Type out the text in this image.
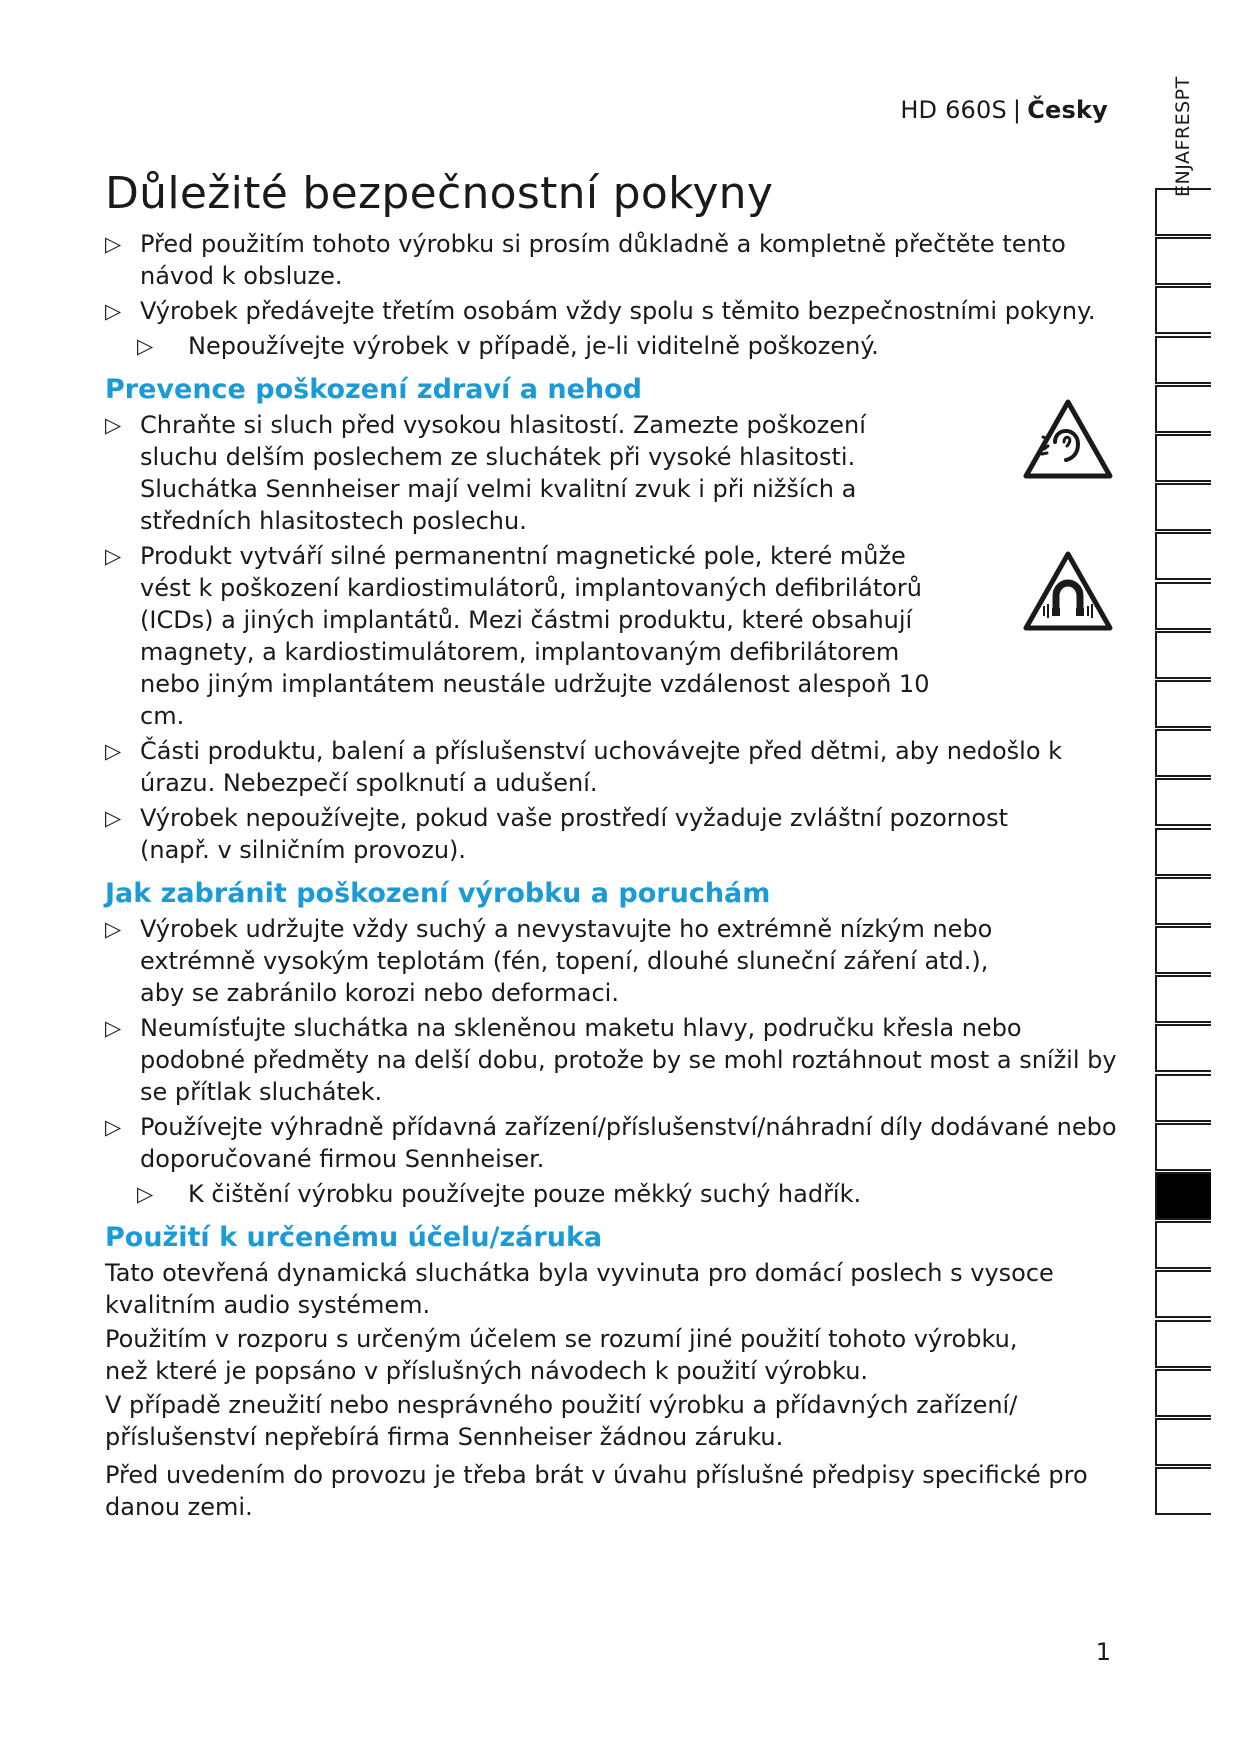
HD 660S | Česky
Důležité bezpečnostní pokyny
▷ Před použitím tohoto výrobku si prosím důkladně a kompletně přečtěte tento návod k obsluze.
▷ Výrobek předávejte třetím osobám vždy spolu s těmito bezpečnostními pokyny.
▷ Nepoužívejte výrobek v případě, je-li viditelně poškozený.
Prevence poškození zdraví a nehod
▷ Chraňte si sluch před vysokou hlasitostí. Zamezte poškození sluchu delším poslechem ze sluchátek při vysoké hlasitosti. Sluchátka Sennheiser mají velmi kvalitní zvuk i při nižších a středních hlasitostech poslechu.
▷ Produkt vytváří silné permanentní magnetické pole, které může vést k poškození kardiostimulátorů, implantovaných defibrilátorů (ICDs) a jiných implantátů. Mezi částmi produktu, které obsahují magnety, a kardiostimulátorem, implantovaným defibrilátorem nebo jiným implantátem neustále udržujte vzdálenost alespoň 10 cm.
▷ Části produktu, balení a příslušenství uchovávejte před dětmi, aby nedošlo k úrazu. Nebezpečí spolknutí a udušení.
▷ Výrobek nepoužívejte, pokud vaše prostředí vyžaduje zvláštní pozornost (např. v silničním provozu).
Jak zabránit poškození výrobku a poruchám
▷ Výrobek udržujte vždy suchý a nevystavujte ho extrémně nízkým nebo extrémně vysokým teplotám (fén, topení, dlouhé sluneční záření atd.), aby se zabránilo korozi nebo deformaci.
▷ Neumísťujte sluchátka na skleněnou maketu hlavy, područku křesla nebo podobné předměty na delší dobu, protože by se mohl roztáhnout most a snížil by se přítlak sluchátek.
▷ Používejte výhradně přídavná zařízení/příslušenství/náhradní díly dodávané nebo doporučované firmou Sennheiser.
▷ K čištění výrobku používejte pouze měkký suchý hadřík.
Použití k určenému účelu/záruka
Tato otevřená dynamická sluchátka byla vyvinuta pro domácí poslech s vysoce kvalitním audio systémem.
Použitím v rozporu s určeným účelem se rozumí jiné použití tohoto výrobku, než které je popsáno v příslušných návodech k použití výrobku.
V případě zneužití nebo nesprávného použití výrobku a přídavných zařízení/ příslušenství nepřebírá firma Sennheiser žádnou záruku.
Před uvedením do provozu je třeba brát v úvahu příslušné předpisy specifické pro danou zemi.
ENJAFRESPT
1
